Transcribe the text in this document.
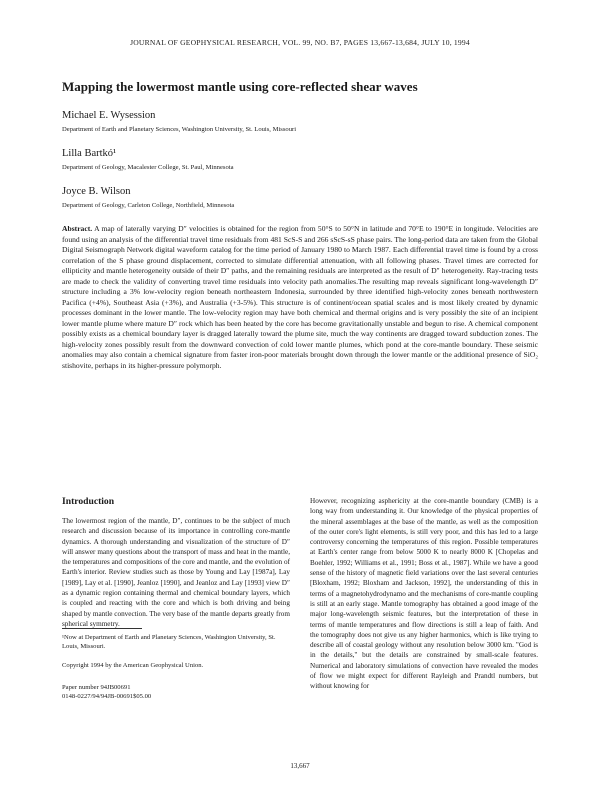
JOURNAL OF GEOPHYSICAL RESEARCH, VOL. 99, NO. B7, PAGES 13,667-13,684, JULY 10, 1994
Mapping the lowermost mantle using core-reflected shear waves
Michael E. Wysession
Department of Earth and Planetary Sciences, Washington University, St. Louis, Missouri
Lilla Bartkó¹
Department of Geology, Macalester College, St. Paul, Minnesota
Joyce B. Wilson
Department of Geology, Carleton College, Northfield, Minnesota
Abstract. A map of laterally varying D″ velocities is obtained for the region from 50°S to 50°N in latitude and 70°E to 190°E in longitude. Velocities are found using an analysis of the differential travel time residuals from 481 ScS-S and 266 sScS-sS phase pairs. The long-period data are taken from the Global Digital Seismograph Network digital waveform catalog for the time period of January 1980 to March 1987. Each differential travel time is found by a cross correlation of the S phase ground displacement, corrected to simulate differential attenuation, with all following phases. Travel times are corrected for ellipticity and mantle heterogeneity outside of their D″ paths, and the remaining residuals are interpreted as the result of D″ heterogeneity. Ray-tracing tests are made to check the validity of converting travel time residuals into velocity path anomalies.The resulting map reveals significant long-wavelength D″ structure including a 3% low-velocity region beneath northeastern Indonesia, surrounded by three identified high-velocity zones beneath northwestern Pacifica (+4%), Southeast Asia (+3%), and Australia (+3-5%). This structure is of continent/ocean spatial scales and is most likely created by dynamic processes dominant in the lower mantle. The low-velocity region may have both chemical and thermal origins and is very possibly the site of an incipient lower mantle plume where mature D″ rock which has been heated by the core has become gravitationally unstable and begun to rise. A chemical component possibly exists as a chemical boundary layer is dragged laterally toward the plume site, much the way continents are dragged toward subduction zones. The high-velocity zones possibly result from the downward convection of cold lower mantle plumes, which pond at the core-mantle boundary. These seismic anomalies may also contain a chemical signature from faster iron-poor materials brought down through the lower mantle or the additional presence of SiO₂ stishovite, perhaps in its higher-pressure polymorph.
Introduction
The lowermost region of the mantle, D″, continues to be the subject of much research and discussion because of its importance in controlling core-mantle dynamics. A thorough understanding and visualization of the structure of D″ will answer many questions about the transport of mass and heat in the mantle, the temperatures and compositions of the core and mantle, and the evolution of Earth's interior. Review studies such as those by Young and Lay [1987a], Lay [1989], Lay et al. [1990], Jeanloz [1990], and Jeanloz and Lay [1993] view D″ as a dynamic region containing thermal and chemical boundary layers, which is coupled and reacting with the core and which is both driving and being shaped by mantle convection. The very base of the mantle departs greatly from spherical symmetry.
However, recognizing asphericity at the core-mantle boundary (CMB) is a long way from understanding it. Our knowledge of the physical properties of the mineral assemblages at the base of the mantle, as well as the composition of the outer core's light elements, is still very poor, and this has led to a large controversy concerning the temperatures of this region. Possible temperatures at Earth's center range from below 5000 K to nearly 8000 K [Chopelas and Boehler, 1992; Williams et al., 1991; Boss et al., 1987]. While we have a good sense of the history of magnetic field variations over the last several centuries [Bloxham, 1992; Bloxham and Jackson, 1992], the understanding of this in terms of a magnetohydrodynamo and the mechanisms of core-mantle coupling is still at an early stage. Mantle tomography has obtained a good image of the major long-wavelength seismic features, but the interpretation of these in terms of mantle temperatures and flow directions is still a leap of faith. And the tomography does not give us any higher harmonics, which is like trying to describe all of coastal geology without any resolution below 3000 km. "God is in the details," but the details are constrained by small-scale features. Numerical and laboratory simulations of convection have revealed the modes of flow we might expect for different Rayleigh and Prandtl numbers, but without knowing for
¹Now at Department of Earth and Planetary Sciences, Washington University, St. Louis, Missouri.
Copyright 1994 by the American Geophysical Union.
Paper number 94JB00691
0148-0227/94/94JB-00691$05.00
13,667
